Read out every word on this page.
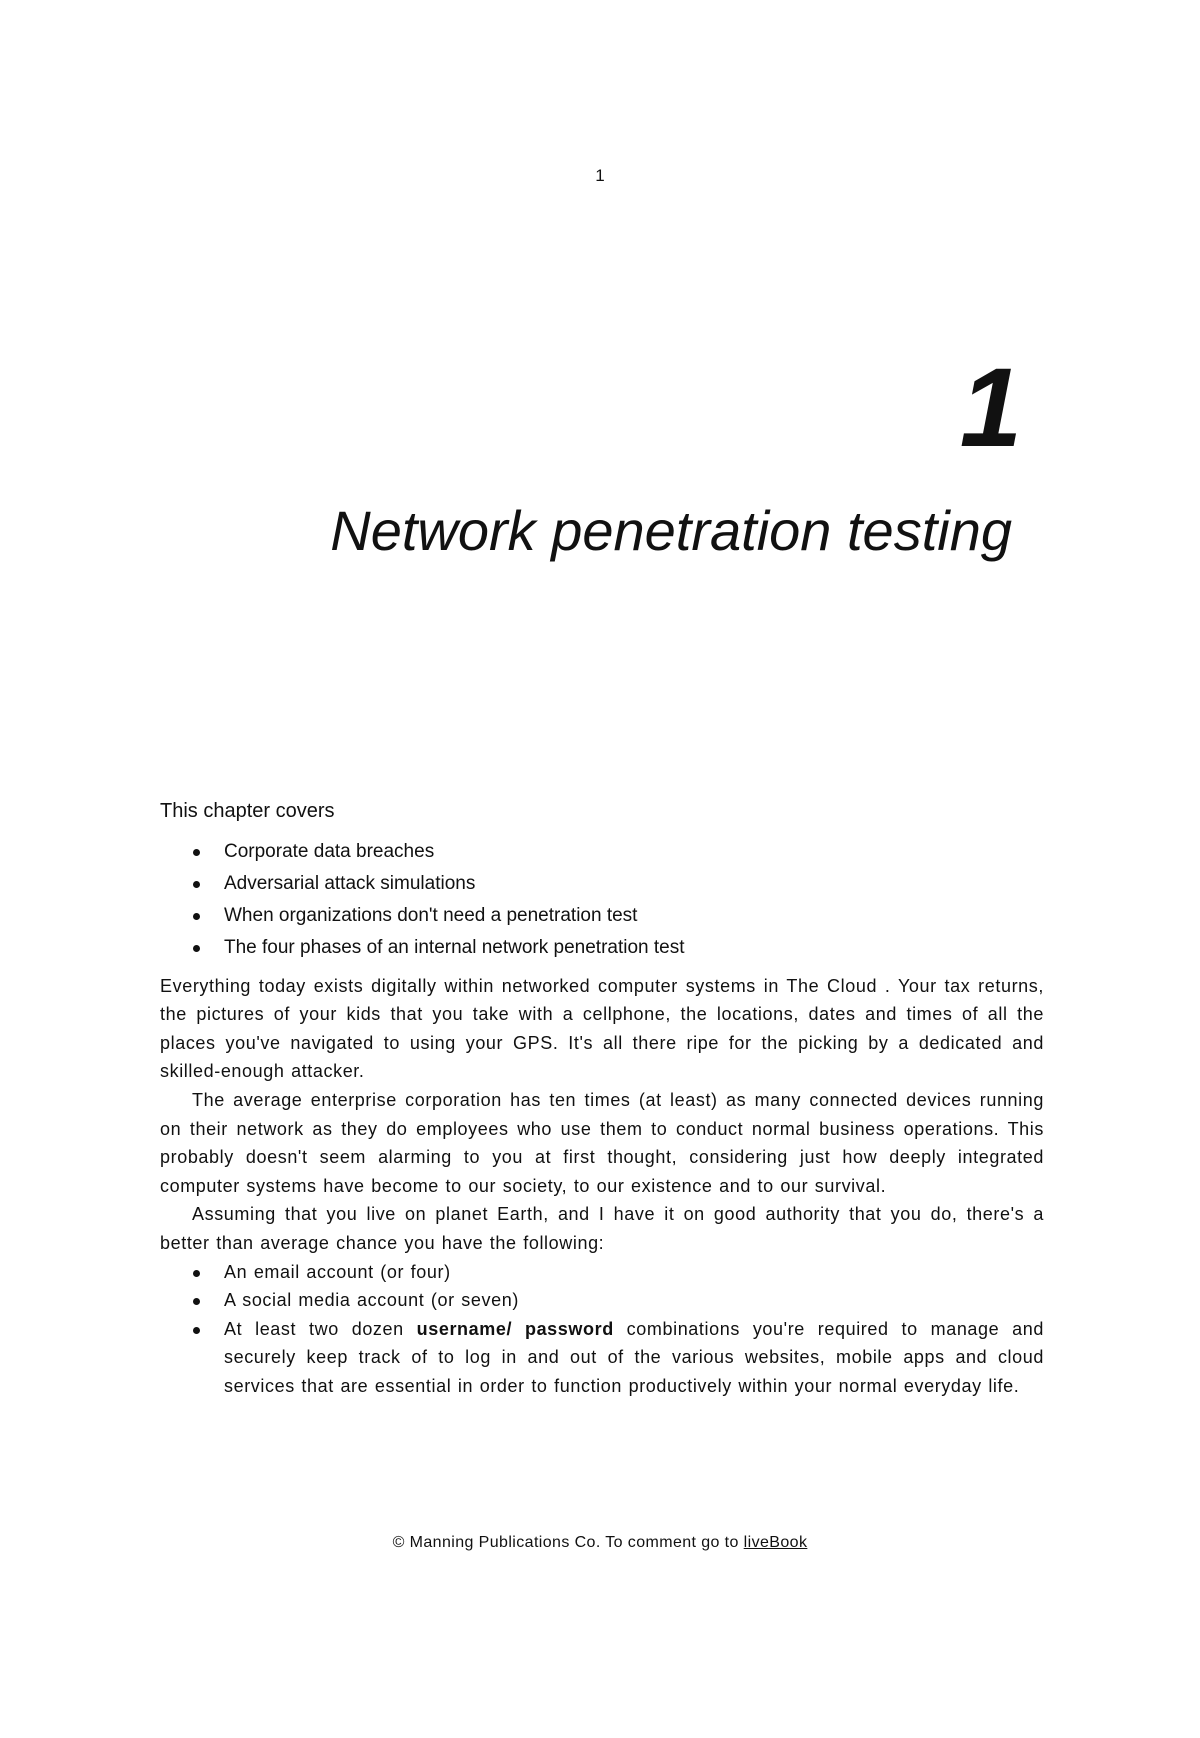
1
1
Network penetration testing
This chapter covers
Corporate data breaches
Adversarial attack simulations
When organizations don't need a penetration test
The four phases of an internal network penetration test

Everything today exists digitally within networked computer systems in The Cloud . Your tax returns, the pictures of your kids that you take with a cellphone, the locations, dates and times of all the places you've navigated to using your GPS. It's all there ripe for the picking by a dedicated and skilled-enough attacker.

The average enterprise corporation has ten times (at least) as many connected devices running on their network as they do employees who use them to conduct normal business operations. This probably doesn't seem alarming to you at first thought, considering just how deeply integrated computer systems have become to our society, to our existence and to our survival.

Assuming that you live on planet Earth, and I have it on good authority that you do, there's a better than average chance you have the following:

An email account (or four)
A social media account (or seven)
At least two dozen username/ password combinations you're required to manage and securely keep track of to log in and out of the various websites, mobile apps and cloud services that are essential in order to function productively within your normal everyday life.
© Manning Publications Co. To comment go to liveBook
